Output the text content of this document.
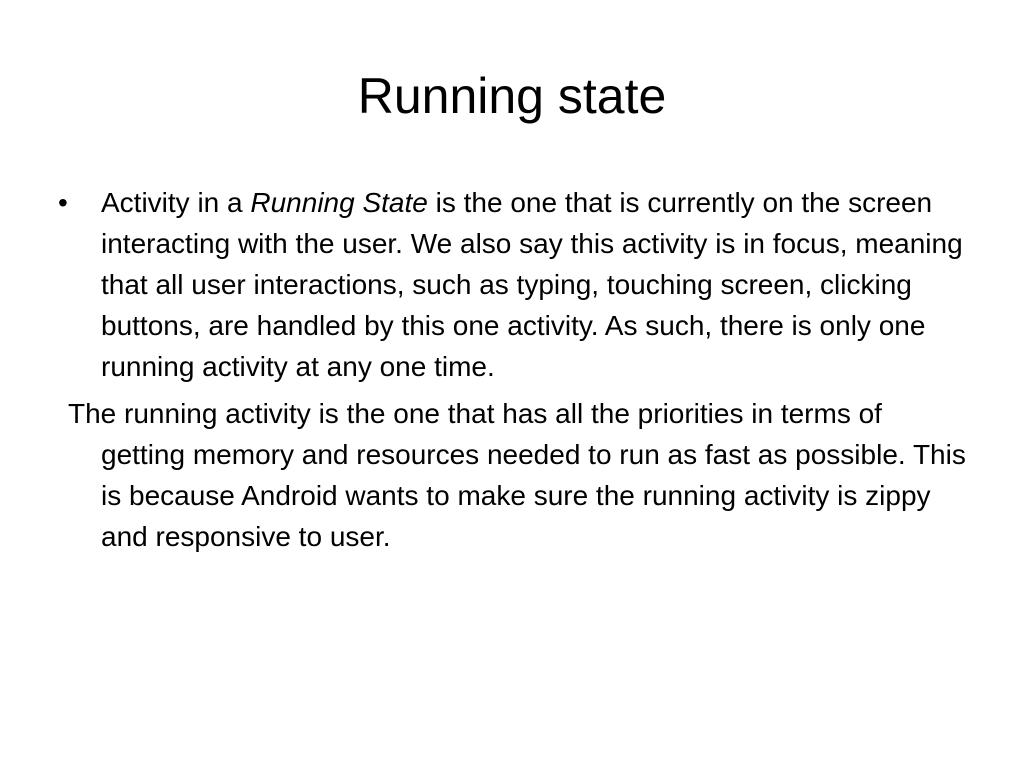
Running state

•	Activity in a Running State is the one that is currently on the screen interacting with the user. We also say this activity is in focus, meaning that all user interactions, such as typing, touching screen, clicking buttons, are handled by this one activity. As such, there is only one running activity at any one time.

The running activity is the one that has all the priorities in terms of getting memory and resources needed to run as fast as possible. This is because Android wants to make sure the running activity is zippy and responsive to user.
